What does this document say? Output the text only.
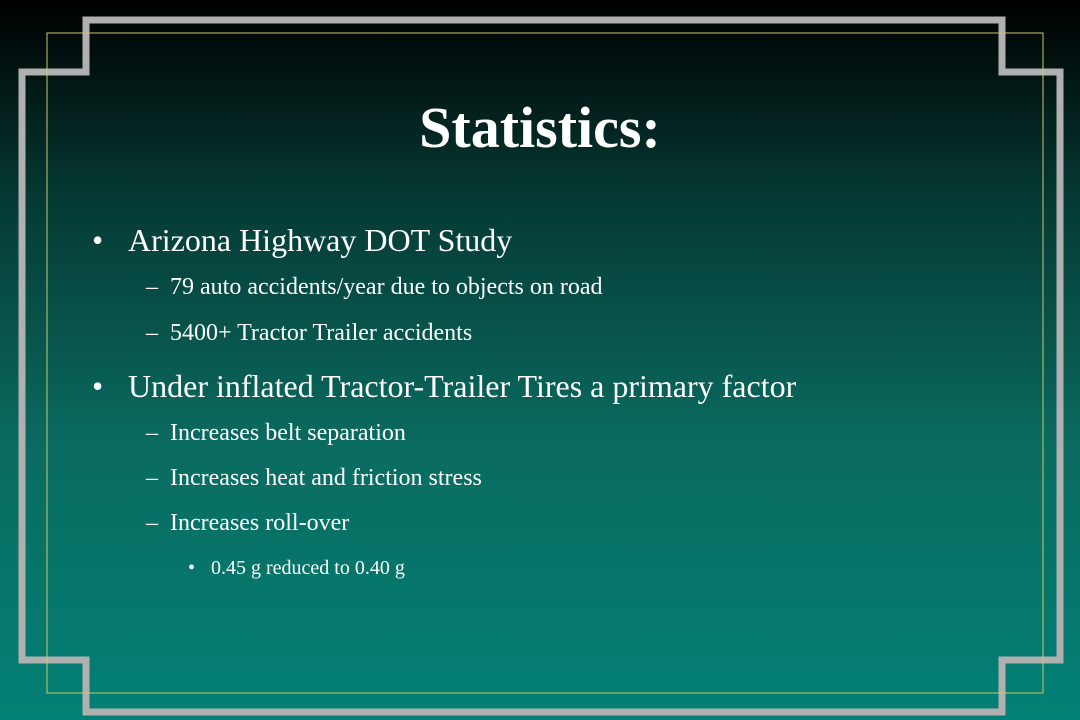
Statistics:
• Arizona Highway DOT Study
– 79 auto accidents/year due to objects on road
– 5400+ Tractor Trailer accidents
• Under inflated Tractor-Trailer Tires a primary factor
– Increases belt separation
– Increases heat and friction stress
– Increases roll-over
• 0.45 g reduced to 0.40 g
